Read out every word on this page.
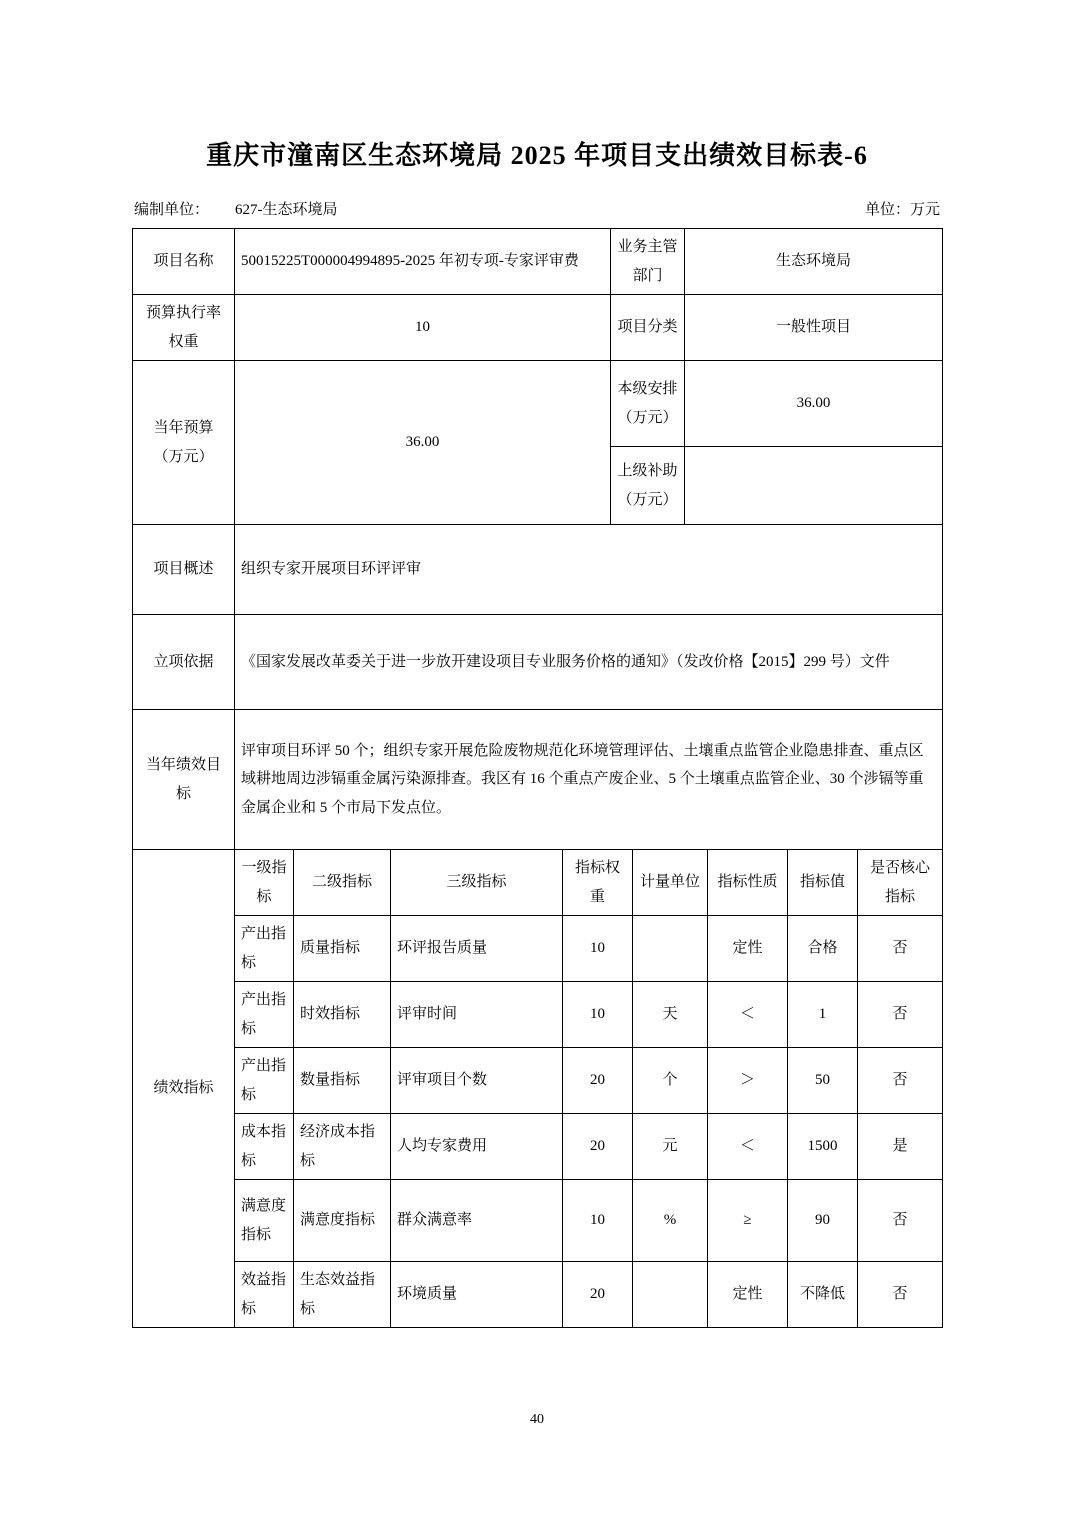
重庆市潼南区生态环境局 2025 年项目支出绩效目标表-6
编制单位： 627-生态环境局	单位：万元
项目名称	50015225T000004994895-2025 年初专项-专家评审费				业务主管部门		生态环境局			
预算执行率权重	10				项目分类		一般性项目			
当年预算（万元）	36.00				本级安排（万元）		36.00			
					上级补助（万元）					
项目概述	组织专家开展项目环评评审									
立项依据	《国家发展改革委关于进一步放开建设项目专业服务价格的通知》（发改价格【2015】299 号）文件									
当年绩效目标	评审项目环评 50 个；组织专家开展危险废物规范化环境管理评估、土壤重点监管企业隐患排查、重点区域耕地周边涉镉重金属污染源排查。我区有 16 个重点产废企业、5 个土壤重点监管企业、30 个涉镉等重金属企业和 5 个市局下发点位。									
绩效指标	一级指标	二级指标	三级指标	指标权重		计量单位		指标性质	指标值	是否核心指标
	产出指标	质量指标	环评报告质量	10				定性	合格	否
	产出指标	时效指标	评审时间	10		天		＜	1	否
	产出指标	数量指标	评审项目个数	20		个		＞	50	否
	成本指标	经济成本指标	人均专家费用	20		元		＜	1500	是
	满意度指标	满意度指标	群众满意率	10		%		≥	90	否
	效益指标	生态效益指标	环境质量	20				定性	不降低	否
40
